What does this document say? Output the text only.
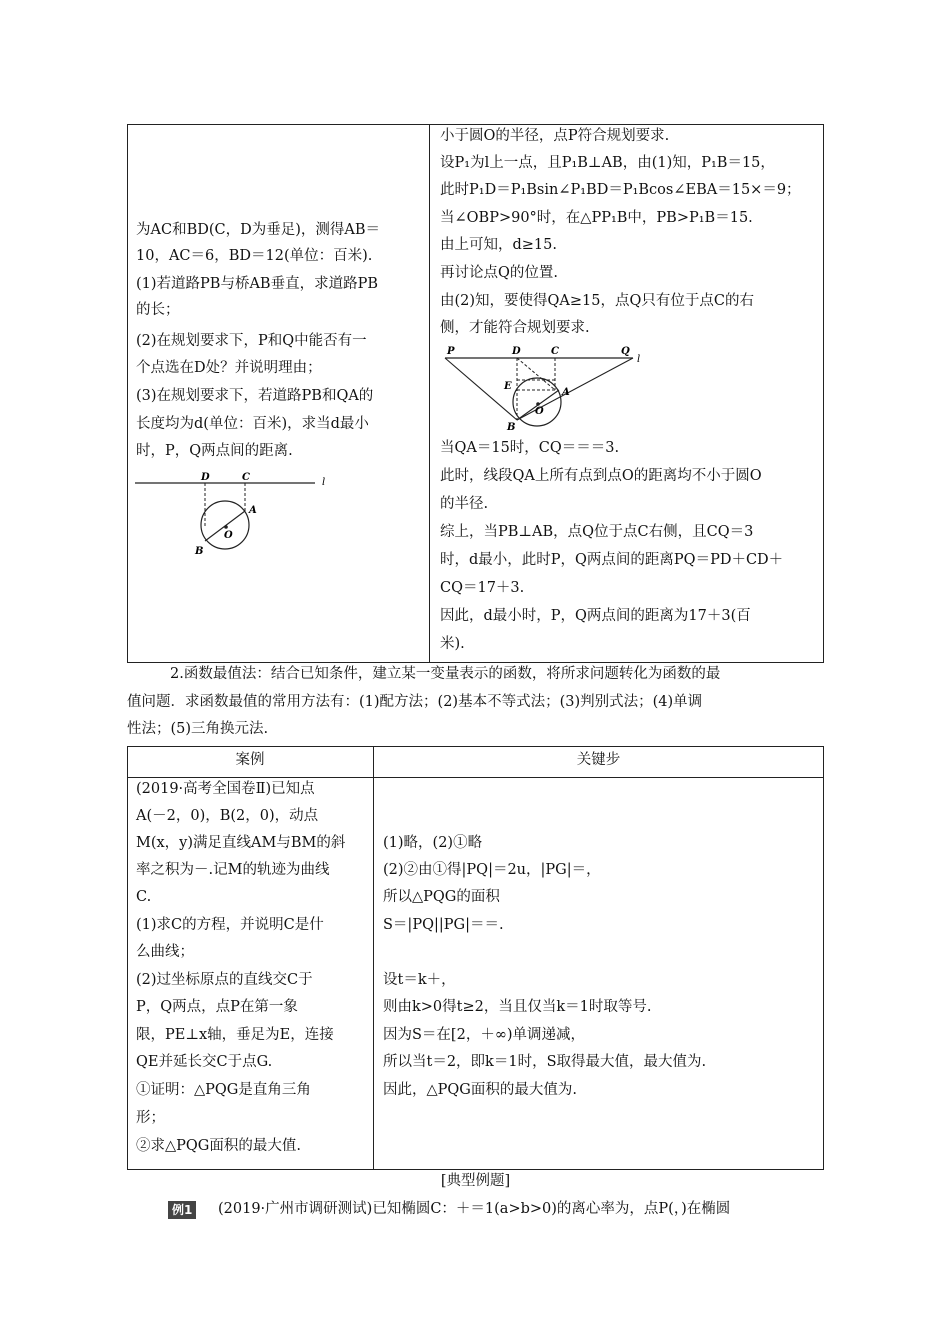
为AC和BD(C，D为垂足)，测得AB＝
10，AC＝6，BD＝12(单位：百米).
(1)若道路PB与桥AB垂直，求道路PB
的长；
(2)在规划要求下，P和Q中能否有一
个点选在D处？并说明理由；
(3)在规划要求下，若道路PB和QA的
长度均为d(单位：百米)，求当d最小
时，P，Q两点间的距离.
D	C	l
A
O
B
小于圆O的半径，点P符合规划要求.
设P₁为l上一点，且P₁B⊥AB，由(1)知，P₁B＝15，
此时P₁D＝P₁Bsin∠P₁BD＝P₁Bcos∠EBA＝15×＝9；
当∠OBP>90°时，在△PP₁B中，PB>P₁B＝15.
由上可知，d≥15.
再讨论点Q的位置.
由(2)知，要使得QA≥15，点Q只有位于点C的右
侧，才能符合规划要求.
P	D	C	Q
l
E
A
O
B
当QA＝15时，CQ＝＝＝3.
此时，线段QA上所有点到点O的距离均不小于圆O
的半径.
综上，当PB⊥AB，点Q位于点C右侧，且CQ＝3
时，d最小，此时P，Q两点间的距离PQ＝PD＋CD＋
CQ＝17＋3.
因此，d最小时，P，Q两点间的距离为17＋3(百
米).
2.函数最值法：结合已知条件，建立某一变量表示的函数，将所求问题转化为函数的最
值问题．求函数最值的常用方法有：(1)配方法；(2)基本不等式法；(3)判别式法；(4)单调
性法；(5)三角换元法.
案例	关键步
(2019·高考全国卷Ⅱ)已知点
A(－2，0)，B(2，0)，动点
M(x，y)满足直线AM与BM的斜
率之积为－.记M的轨迹为曲线
C.
(1)求C的方程，并说明C是什
么曲线；
(2)过坐标原点的直线交C于
P，Q两点，点P在第一象
限，PE⊥x轴，垂足为E，连接
QE并延长交C于点G.
①证明：△PQG是直角三角
形；
②求△PQG面积的最大值.
(1)略，(2)①略
(2)②由①得|PQ|＝2u，|PG|＝，
所以△PQG的面积
S＝|PQ||PG|＝＝.
设t＝k＋，
则由k>0得t≥2，当且仅当k＝1时取等号.
因为S＝在[2，＋∞)单调递减，
所以当t＝2，即k＝1时，S取得最大值，最大值为.
因此，△PQG面积的最大值为.
[典型例题]
例1 (2019·广州市调研测试)已知椭圆C：＋＝1(a>b>0)的离心率为，点P(，)在椭圆
